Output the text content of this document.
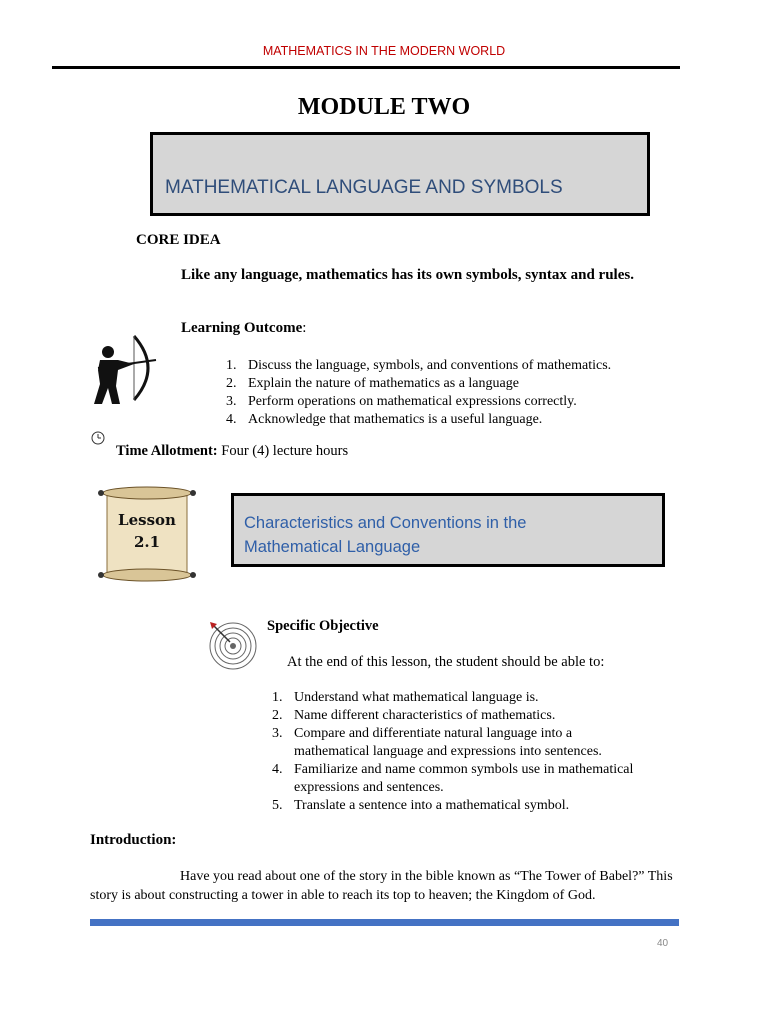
MATHEMATICS IN THE MODERN WORLD
MODULE TWO
MATHEMATICAL LANGUAGE AND SYMBOLS
CORE IDEA
Like any language, mathematics has its own symbols, syntax and rules.
Learning Outcome:
1. Discuss the language, symbols, and conventions of mathematics.
2. Explain the nature of mathematics as a language
3. Perform operations on mathematical expressions correctly.
4. Acknowledge that mathematics is a useful language.
Time Allotment: Four (4) lecture hours
Lesson
2.1
Characteristics and Conventions in the
Mathematical Language
Specific Objective
At the end of this lesson, the student should be able to:
1. Understand what mathematical language is.
2. Name different characteristics of mathematics.
3. Compare and differentiate natural language into a mathematical language and expressions into sentences.
4. Familiarize and name common symbols use in mathematical expressions and sentences.
5. Translate a sentence into a mathematical symbol.
Introduction:
Have you read about one of the story in the bible known as “The Tower of Babel?” This story is about constructing a tower in able to reach its top to heaven; the Kingdom of God.
40
